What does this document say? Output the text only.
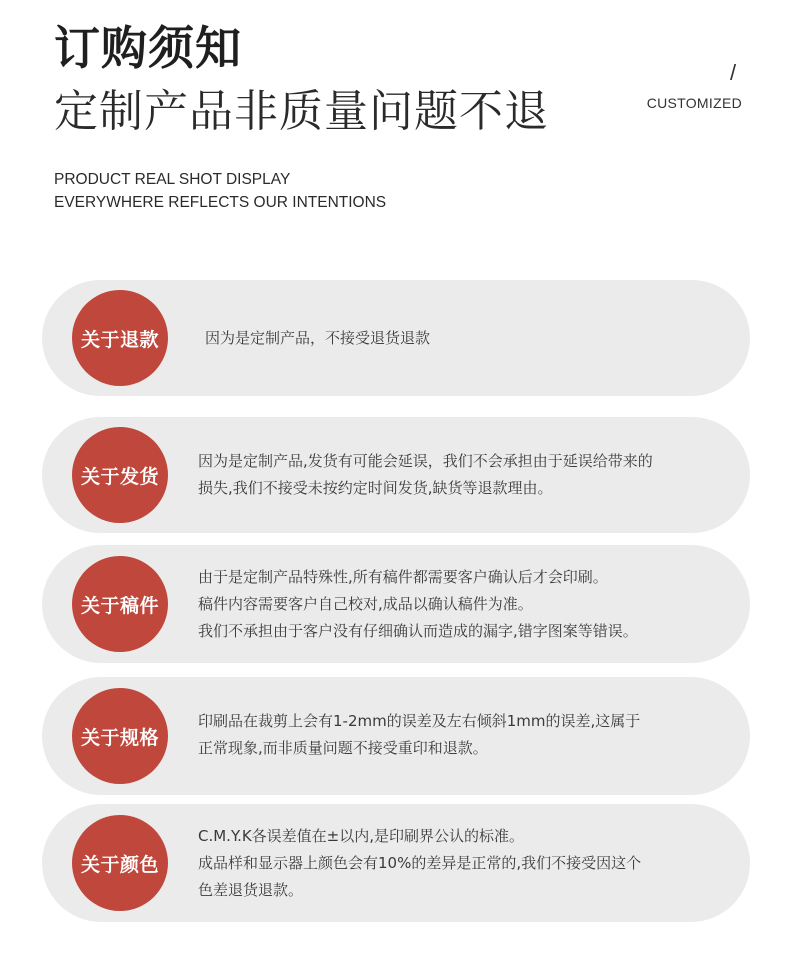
订购须知
定制产品非质量问题不退
/
CUSTOMIZED
PRODUCT REAL SHOT DISPLAY
EVERYWHERE REFLECTS OUR INTENTIONS
关于退款	因为是定制产品，不接受退货退款
关于发货
因为是定制产品,发货有可能会延误，我们不会承担由于延误给带来的
损失,我们不接受未按约定时间发货,缺货等退款理由。
关于稿件
由于是定制产品特殊性,所有稿件都需要客户确认后才会印刷。
稿件内容需要客户自己校对,成品以确认稿件为准。
我们不承担由于客户没有仔细确认而造成的漏字,错字图案等错误。
关于规格
印刷品在裁剪上会有1-2mm的误差及左右倾斜1mm的误差,这属于
正常现象,而非质量问题不接受重印和退款。
关于颜色
C.M.Y.K各误差值在±以内,是印刷界公认的标准。
成品样和显示器上颜色会有10%的差异是正常的,我们不接受因这个
色差退货退款。
